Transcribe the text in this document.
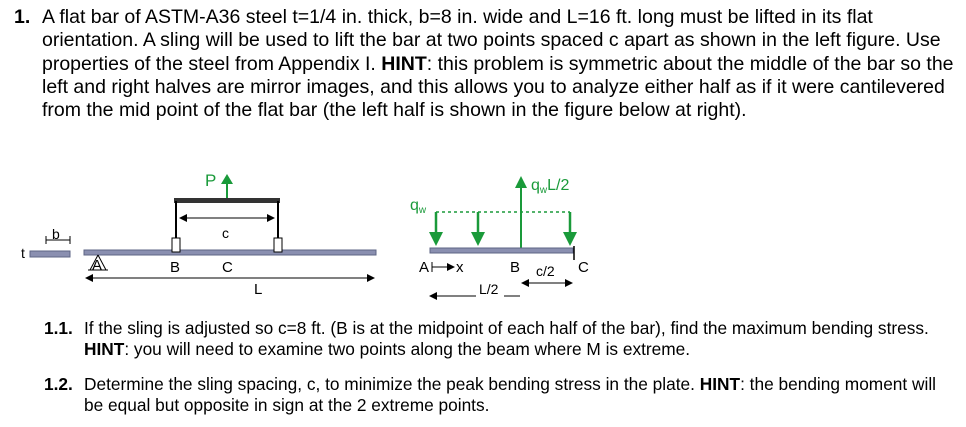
1. A flat bar of ASTM-A36 steel t=1/4 in. thick, b=8 in. wide and L=16 ft. long must be lifted in its flat orientation. A sling will be used to lift the bar at two points spaced c apart as shown in the left figure. Use properties of the steel from Appendix I. HINT: this problem is symmetric about the middle of the bar so the left and right halves are mirror images, and this allows you to analyze either half as if it were cantilevered from the mid point of the flat bar (the left half is shown in the figure below at right).
b
t
c
P
A	B	C
L
qw
qwL/2
A x	B	C
c/2
L/2
1.1. If the sling is adjusted so c=8 ft. (B is at the midpoint of each half of the bar), find the maximum bending stress. HINT: you will need to examine two points along the beam where M is extreme.
1.2. Determine the sling spacing, c, to minimize the peak bending stress in the plate. HINT: the bending moment will be equal but opposite in sign at the 2 extreme points.
